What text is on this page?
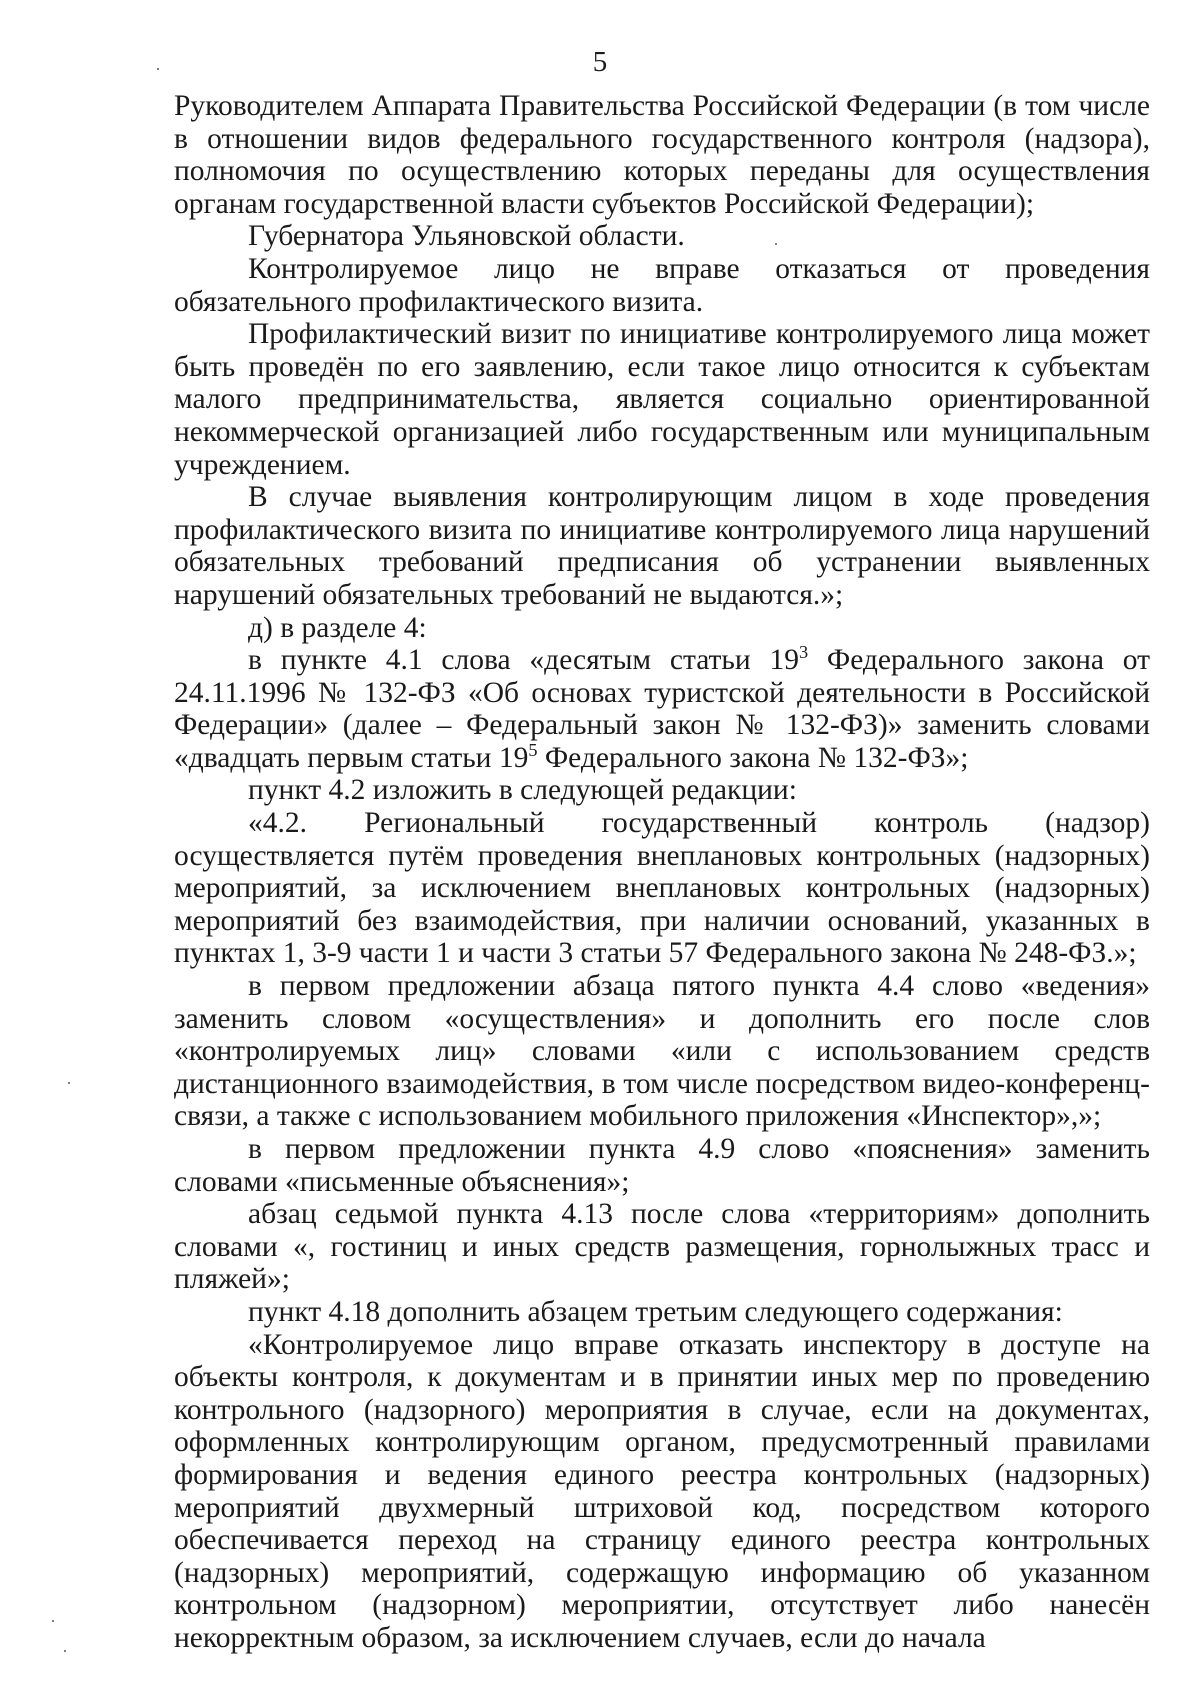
5

Руководителем Аппарата Правительства Российской Федерации (в том числе в отношении видов федерального государственного контроля (надзора), полномочия по осуществлению которых переданы для осуществления органам государственной власти субъектов Российской Федерации);

Губернатора Ульяновской области.

Контролируемое лицо не вправе отказаться от проведения обязательного профилактического визита.

Профилактический визит по инициативе контролируемого лица может быть проведён по его заявлению, если такое лицо относится к субъектам малого предпринимательства, является социально ориентированной некоммерческой организацией либо государственным или муниципальным учреждением.

В случае выявления контролирующим лицом в ходе проведения профилактического визита по инициативе контролируемого лица нарушений обязательных требований предписания об устранении выявленных нарушений обязательных требований не выдаются.»;

д) в разделе 4:

в пункте 4.1 слова «десятым статьи $19^3$ Федерального закона от 24.11.1996 № 132-ФЗ «Об основах туристской деятельности в Российской Федерации» (далее – Федеральный закон № 132-ФЗ)» заменить словами «двадцать первым статьи $19^5$ Федерального закона № 132-ФЗ»;

пункт 4.2 изложить в следующей редакции:

«4.2. Региональный государственный контроль (надзор) осуществляется путём проведения внеплановых контрольных (надзорных) мероприятий, за исключением внеплановых контрольных (надзорных) мероприятий без взаимодействия, при наличии оснований, указанных в пунктах 1, 3-9 части 1 и части 3 статьи 57 Федерального закона № 248-ФЗ.»;

в первом предложении абзаца пятого пункта 4.4 слово «ведения» заменить словом «осуществления» и дополнить его после слов «контролируемых лиц» словами «или с использованием средств дистанционного взаимодействия, в том числе посредством видео-конференц-связи, а также с использованием мобильного приложения «Инспектор»,»;

в первом предложении пункта 4.9 слово «пояснения» заменить словами «письменные объяснения»;

абзац седьмой пункта 4.13 после слова «территориям» дополнить словами «, гостиниц и иных средств размещения, горнолыжных трасс и пляжей»;

пункт 4.18 дополнить абзацем третьим следующего содержания:

«Контролируемое лицо вправе отказать инспектору в доступе на объекты контроля, к документам и в принятии иных мер по проведению контрольного (надзорного) мероприятия в случае, если на документах, оформленных контролирующим органом, предусмотренный правилами формирования и ведения единого реестра контрольных (надзорных) мероприятий двухмерный штриховой код, посредством которого обеспечивается переход на страницу единого реестра контрольных (надзорных) мероприятий, содержащую информацию об указанном контрольном (надзорном) мероприятии, отсутствует либо нанесён некорректным образом, за исключением случаев, если до начала
